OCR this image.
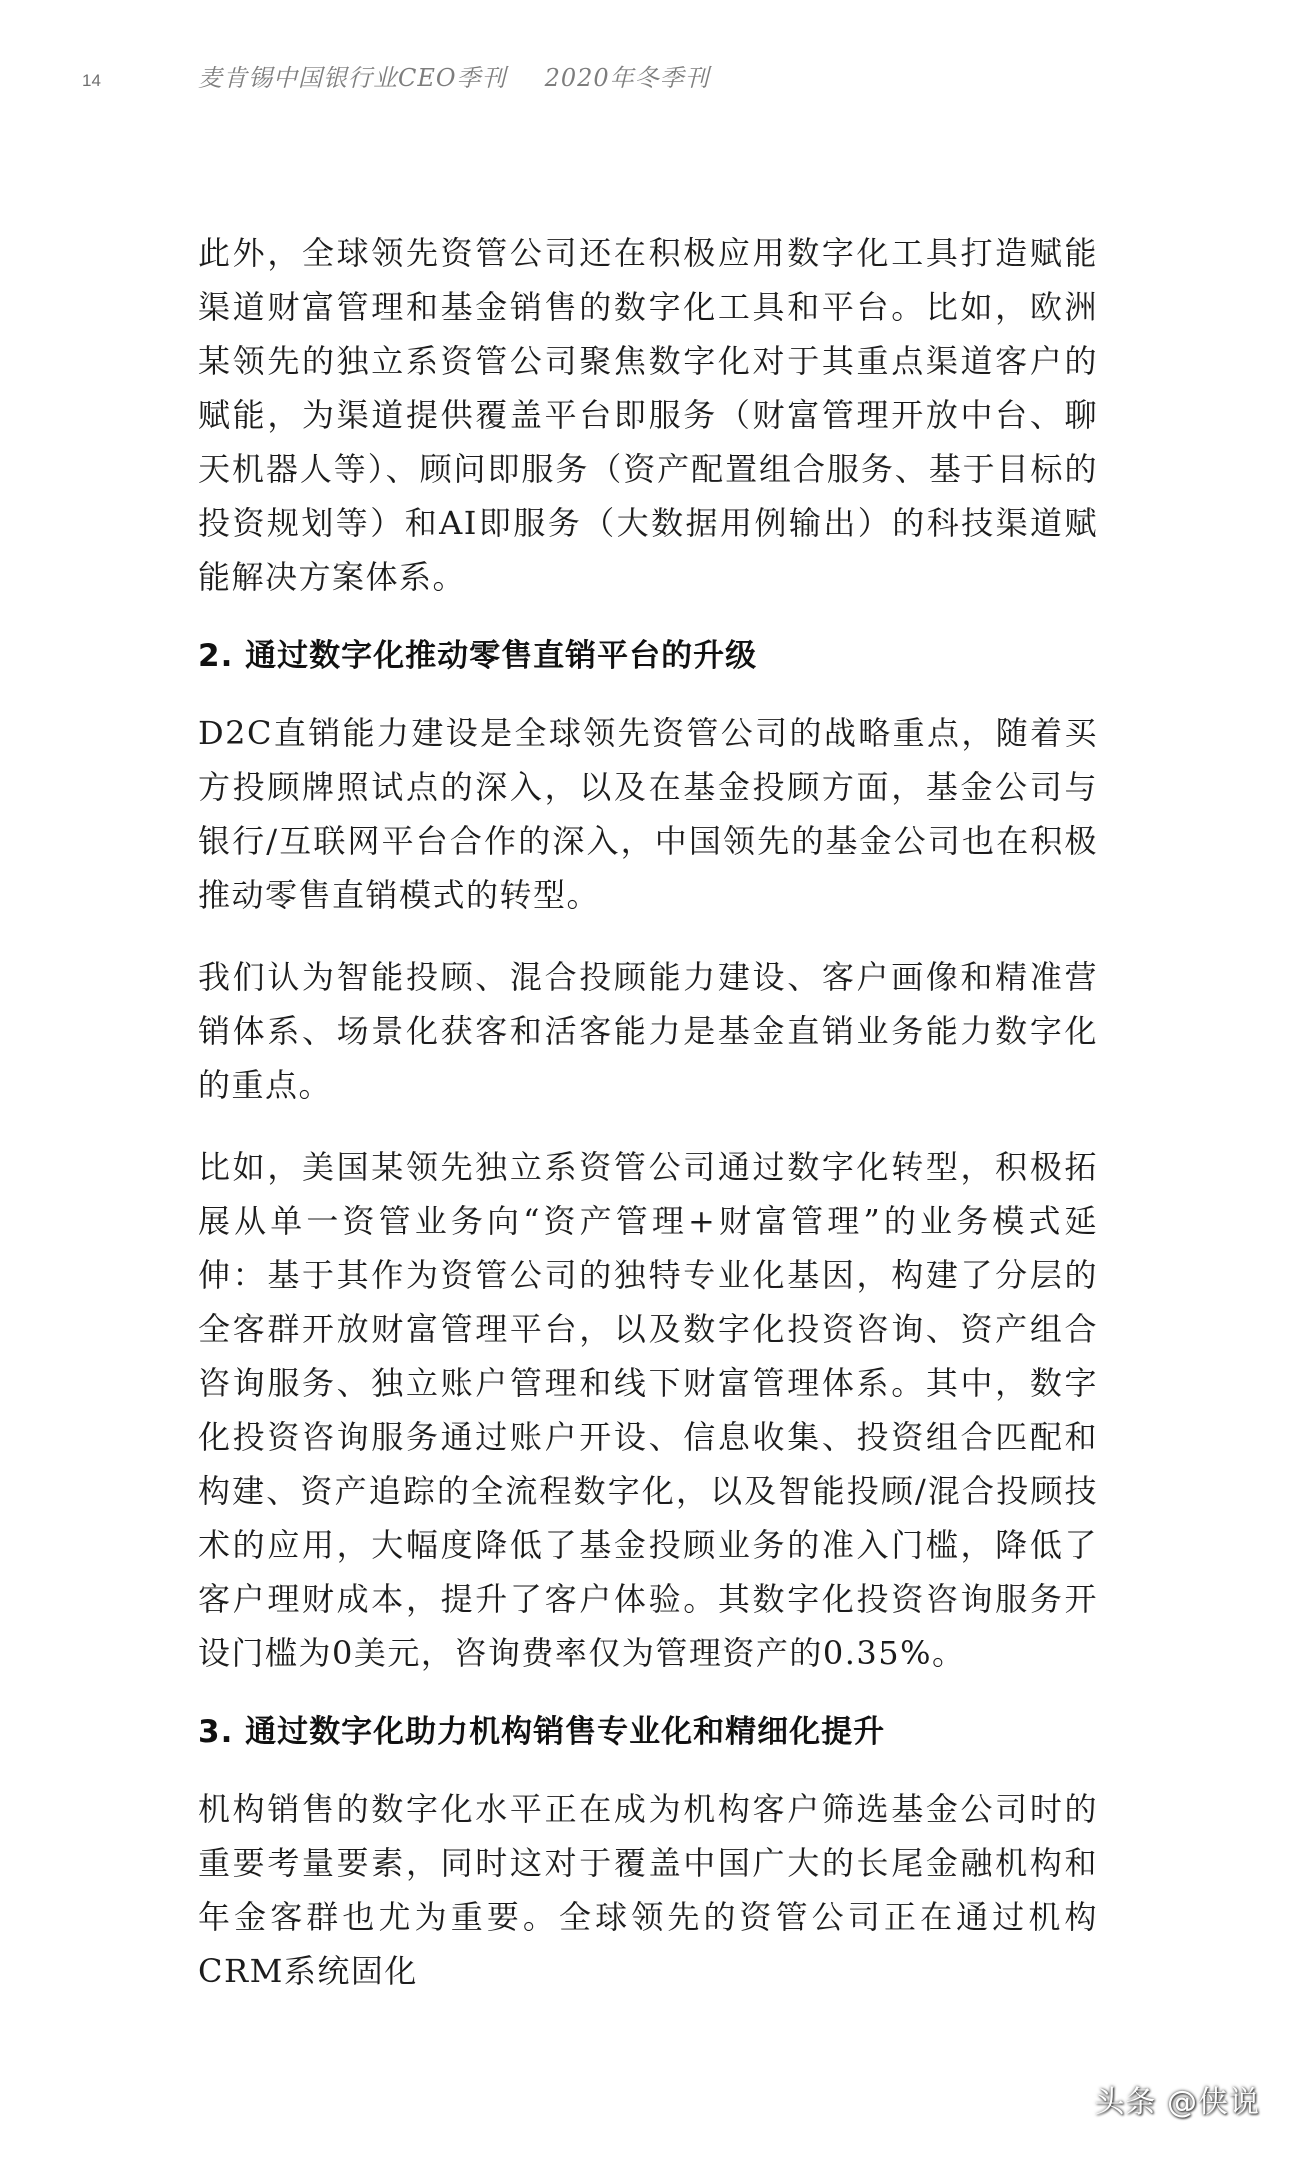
14	麦肯锡中国银行业CEO季刊 2020年冬季刊

此外，全球领先资管公司还在积极应用数字化工具打造赋能渠道财富管理和基金销售的数字化工具和平台。比如，欧洲某领先的独立系资管公司聚焦数字化对于其重点渠道客户的赋能，为渠道提供覆盖平台即服务（财富管理开放中台、聊天机器人等）、顾问即服务（资产配置组合服务、基于目标的投资规划等）和AI即服务（大数据用例输出）的科技渠道赋能解决方案体系。

2. 通过数字化推动零售直销平台的升级

D2C直销能力建设是全球领先资管公司的战略重点，随着买方投顾牌照试点的深入，以及在基金投顾方面，基金公司与银行/互联网平台合作的深入，中国领先的基金公司也在积极推动零售直销模式的转型。

我们认为智能投顾、混合投顾能力建设、客户画像和精准营销体系、场景化获客和活客能力是基金直销业务能力数字化的重点。

比如，美国某领先独立系资管公司通过数字化转型，积极拓展从单一资管业务向“资产管理+财富管理”的业务模式延伸：基于其作为资管公司的独特专业化基因，构建了分层的全客群开放财富管理平台，以及数字化投资咨询、资产组合咨询服务、独立账户管理和线下财富管理体系。其中，数字化投资咨询服务通过账户开设、信息收集、投资组合匹配和构建、资产追踪的全流程数字化，以及智能投顾/混合投顾技术的应用，大幅度降低了基金投顾业务的准入门槛，降低了客户理财成本，提升了客户体验。其数字化投资咨询服务开设门槛为0美元，咨询费率仅为管理资产的0.35%。

3. 通过数字化助力机构销售专业化和精细化提升

机构销售的数字化水平正在成为机构客户筛选基金公司时的重要考量要素，同时这对于覆盖中国广大的长尾金融机构和年金客群也尤为重要。全球领先的资管公司正在通过机构CRM系统固化

头条 @侠说
